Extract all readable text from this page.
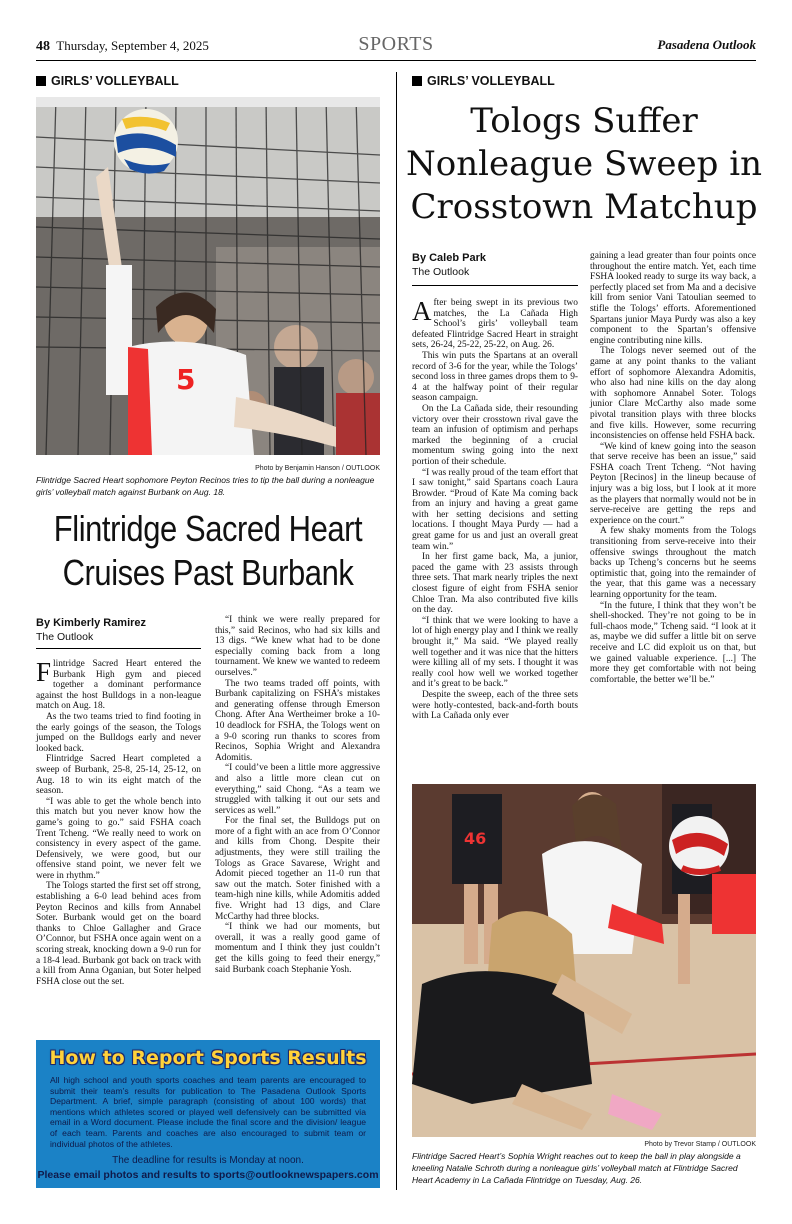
48 Thursday, September 4, 2025	SPORTS	Pasadena Outlook
GIRLS’ VOLLEYBALL
5
Photo by Benjamin Hanson / OUTLOOK
Flintridge Sacred Heart sophomore Peyton Recinos tries to tip the ball during a nonleague girls’ volleyball match against Burbank on Aug. 18.
Flintridge Sacred Heart
Cruises Past Burbank
By Kimberly Ramirez
The Outlook

Flintridge Sacred Heart entered the Burbank High gym and pieced together a dominant performance against the host Bulldogs in a non-league match on Aug. 18.

As the two teams tried to find footing in the early goings of the season, the Tologs jumped on the Bulldogs early and never looked back.

Flintridge Sacred Heart completed a sweep of Burbank, 25-8, 25-14, 25-12, on Aug. 18 to win its eight match of the season.

“I was able to get the whole bench into this match but you never know how the game’s going to go.” said FSHA coach Trent Tcheng. “We really need to work on consistency in every aspect of the game. Defensively, we were good, but our offensive stand point, we never felt we were in rhythm.”

The Tologs started the first set off strong, establishing a 6-0 lead behind aces from Peyton Recinos and kills from Annabel Soter. Burbank would get on the board thanks to Chloe Gallagher and Grace O’Connor, but FSHA once again went on a scoring streak, knocking down a 9-0 run for a 18-4 lead. Burbank got back on track with a kill from Anna Oganian, but Soter helped FSHA close out the set.

“I think we were really prepared for this,” said Recinos, who had six kills and 13 digs. “We knew what had to be done especially coming back from a long tournament. We knew we wanted to redeem ourselves.”

The two teams traded off points, with Burbank capitalizing on FSHA’s mistakes and generating offense through Emerson Chong. After Ana Wertheimer broke a 10-10 deadlock for FSHA, the Tologs went on a 9-0 scoring run thanks to scores from Recinos, Sophia Wright and Alexandra Adomitis.

“I could’ve been a little more aggressive and also a little more clean cut on everything,” said Chong. “As a team we struggled with talking it out our sets and services as well.”

For the final set, the Bulldogs put on more of a fight with an ace from O’Connor and kills from Chong. Despite their adjustments, they were still trailing the Tologs as Grace Savarese, Wright and Adomit pieced together an 11-0 run that saw out the match. Soter finished with a team-high nine kills, while Adomitis added five. Wright had 13 digs, and Clare McCarthy had three blocks.

“I think we had our moments, but overall, it was a really good game of momentum and I think they just couldn’t get the kills going to feed their energy,” said Burbank coach Stephanie Yosh.

How to Report Sports Results
All high school and youth sports coaches and team parents are encouraged to submit their team’s results for publication to The Pasadena Outlook Sports Department. A brief, simple paragraph (consisting of about 100 words) that mentions which athletes scored or played well defensively can be submitted via email in a Word document. Please include the final score and the division/ league of each team. Parents and coaches are also encouraged to submit team or individual photos of the athletes.
The deadline for results is Monday at noon.
Please email photos and results to sports@outlooknewspapers.com
GIRLS’ VOLLEYBALL
Tologs Suffer
Nonleague Sweep in
Crosstown Matchup
By Caleb Park
The Outlook

After being swept in its previous two matches, the La Cañada High School’s girls’ volleyball team defeated Flintridge Sacred Heart in straight sets, 26-24, 25-22, 25-22, on Aug. 26.

This win puts the Spartans at an overall record of 3-6 for the year, while the Tologs’ second loss in three games drops them to 9-4 at the halfway point of their regular season campaign.

On the La Cañada side, their resounding victory over their crosstown rival gave the team an infusion of optimism and perhaps marked the beginning of a crucial momentum swing going into the next portion of their schedule.

“I was really proud of the team effort that I saw tonight,” said Spartans coach Laura Browder. “Proud of Kate Ma coming back from an injury and having a great game with her setting decisions and setting locations. I thought Maya Purdy — had a great game for us and just an overall great team win.”

In her first game back, Ma, a junior, paced the game with 23 assists through three sets. That mark nearly triples the next closest figure of eight from FSHA senior Chloe Tran. Ma also contributed five kills on the day.

“I think that we were looking to have a lot of high energy play and I think we really brought it,” Ma said. “We played really well together and it was nice that the hitters were killing all of my sets. I thought it was really cool how well we worked together and it’s great to be back.”

Despite the sweep, each of the three sets were hotly-contested, back-and-forth bouts with La Cañada only ever

gaining a lead greater than four points once throughout the entire match. Yet, each time FSHA looked ready to surge its way back, a perfectly placed set from Ma and a decisive kill from senior Vani Tatoulian seemed to stifle the Tologs’ efforts. Aforementioned Spartans junior Maya Purdy was also a key component to the Spartan’s offensive engine contributing nine kills.

The Tologs never seemed out of the game at any point thanks to the valiant effort of sophomore Alexandra Adomitis, who also had nine kills on the day along with sophomore Annabel Soter. Tologs junior Clare McCarthy also made some pivotal transition plays with three blocks and five kills. However, some recurring inconsistencies on offense held FSHA back.

“We kind of knew going into the season that serve receive has been an issue,” said FSHA coach Trent Tcheng. “Not having Peyton [Recinos] in the lineup because of injury was a big loss, but I look at it more as the players that normally would not be in serve-receive are getting the reps and experience on the court.”

A few shaky moments from the Tologs transitioning from serve-receive into their offensive swings throughout the match backs up Tcheng’s concerns but he seems optimistic that, going into the remainder of the year, that this game was a necessary learning opportunity for the team.

“In the future, I think that they won’t be shell-shocked. They’re not going to be in full-chaos mode,” Tcheng said. “I look at it as, maybe we did suffer a little bit on serve receive and LC did exploit us on that, but we gained valuable experience. [...] The more they get comfortable with not being comfortable, the better we’ll be.”

46
Photo by Trevor Stamp / OUTLOOK
Flintridge Sacred Heart’s Sophia Wright reaches out to keep the ball in play alongside a kneeling Natalie Schroth during a nonleague girls’ volleyball match at Flintridge Sacred Heart Academy in La Cañada Flintridge on Tuesday, Aug. 26.
